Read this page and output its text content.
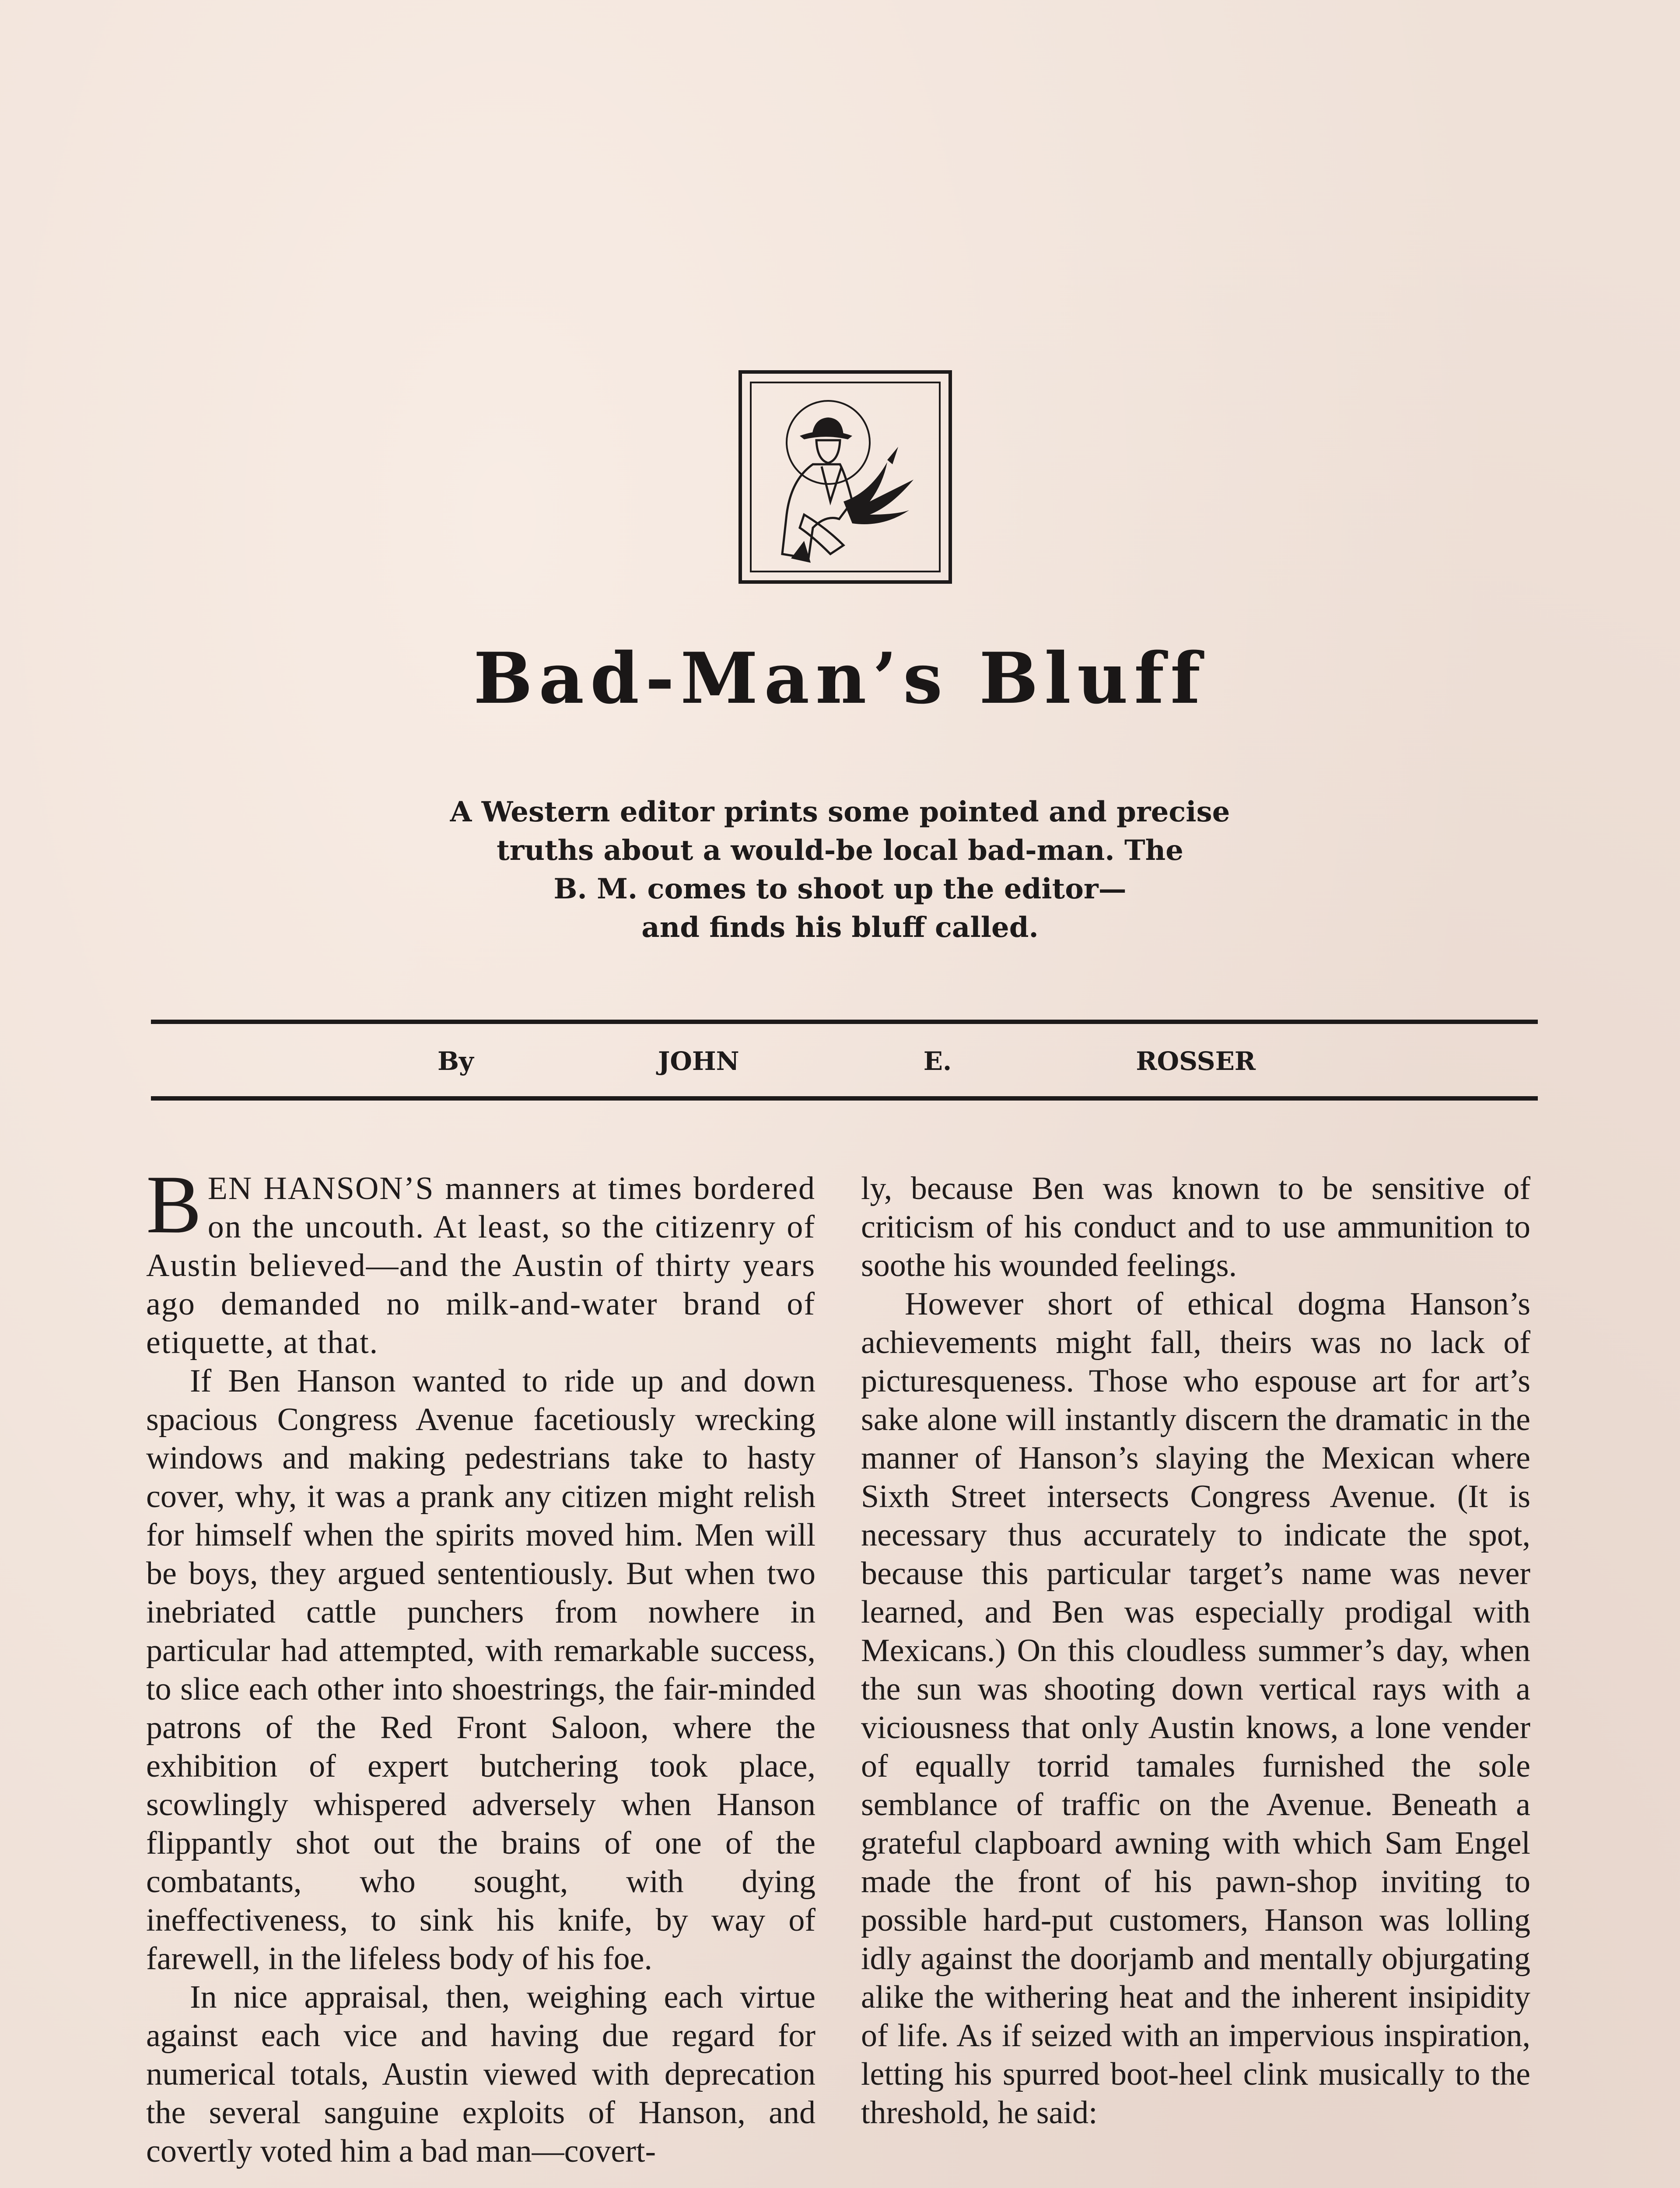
Bad-Man’s Bluff
A Western editor prints some pointed and precise
truths about a would-be local bad-man. The
B. M. comes to shoot up the editor—
and finds his bluff called.
By	JOHN	E.	ROSSER

BEN HANSON’S manners at times bordered on the uncouth. At least, so the citizenry of Austin believed—and the Austin of thirty years ago demanded no milk-and-water brand of etiquette, at that.

If Ben Hanson wanted to ride up and down spacious Congress Avenue facetiously wrecking windows and making pedestrians take to hasty cover, why, it was a prank any citizen might relish for himself when the spirits moved him. Men will be boys, they argued sententiously. But when two inebriated cattle punchers from nowhere in particular had attempted, with remarkable success, to slice each other into shoestrings, the fair-minded patrons of the Red Front Saloon, where the exhibition of expert butchering took place, scowlingly whispered adversely when Hanson flippantly shot out the brains of one of the combatants, who sought, with dying ineffectiveness, to sink his knife, by way of farewell, in the lifeless body of his foe.

In nice appraisal, then, weighing each virtue against each vice and having due regard for numerical totals, Austin viewed with deprecation the several sanguine exploits of Hanson, and covertly voted him a bad man—covert-

ly, because Ben was known to be sensitive of criticism of his conduct and to use ammunition to soothe his wounded feelings.

However short of ethical dogma Hanson’s achievements might fall, theirs was no lack of picturesqueness. Those who espouse art for art’s sake alone will instantly discern the dramatic in the manner of Hanson’s slaying the Mexican where Sixth Street intersects Congress Avenue. (It is necessary thus accurately to indicate the spot, because this particular target’s name was never learned, and Ben was especially prodigal with Mexicans.) On this cloudless summer’s day, when the sun was shooting down vertical rays with a viciousness that only Austin knows, a lone vender of equally torrid tamales furnished the sole semblance of traffic on the Avenue. Beneath a grateful clapboard awning with which Sam Engel made the front of his pawn-shop inviting to possible hard-put customers, Hanson was lolling idly against the doorjamb and mentally objurgating alike the withering heat and the inherent insipidity of life. As if seized with an impervious inspiration, letting his spurred boot-heel clink musically to the threshold, he said:
